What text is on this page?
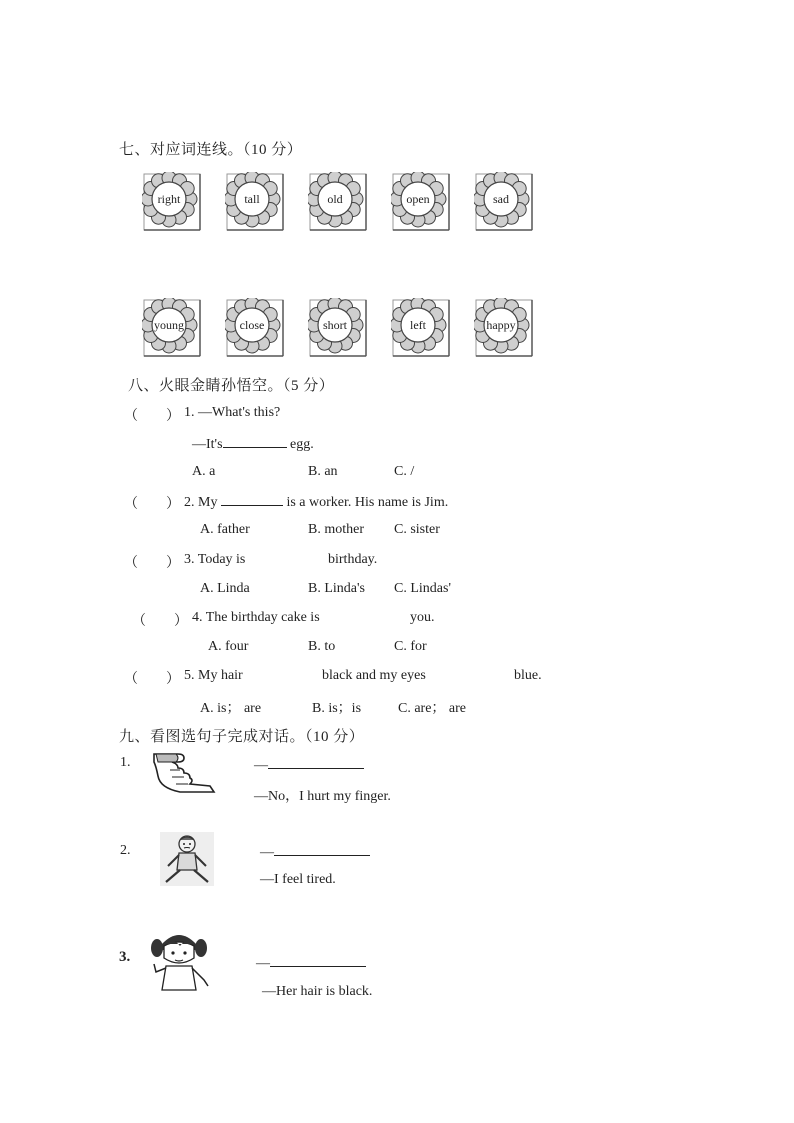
七、对应词连线。（10 分）
right	tall	old	open	sad
young	close	short	left	happy
八、火眼金睛孙悟空。（5 分）
（　　） 1. —What's this?
—It's	egg.
A. a	B. an	C. /
（　　） 2. My	is a worker. His name is Jim.
A. father	B. mother C. sister
（　　） 3. Today is	birthday.
A. Linda	B. Linda's C. Lindas'
（　　） 4. The birthday cake is	you.
A. four	B. to	C. for
（　　） 5. My hair	black and my eyes	blue.
A. is； are	B. is；is	C. are； are
九、看图选句子完成对话。（10 分）
1.	—
—No，I hurt my finger.
2.	—
—I feel tired.
3.	—
—Her hair is black.
